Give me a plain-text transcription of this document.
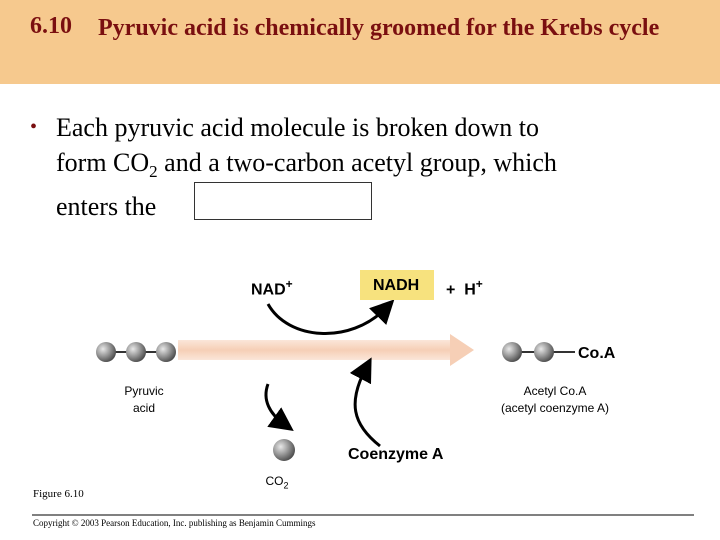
6.10 Pyruvic acid is chemically groomed for the Krebs cycle
• Each pyruvic acid molecule is broken down to
form $CO_2$ and a two-carbon acetyl group, which
enters the
NAD+	NADH +  H+
Co.A
Pyruvic
acid
Acetyl Co.A
(acetyl coenzyme A)
Coenzyme A
$CO_2$
Figure 6.10
Copyright © 2003 Pearson Education, Inc. publishing as Benjamin Cummings
